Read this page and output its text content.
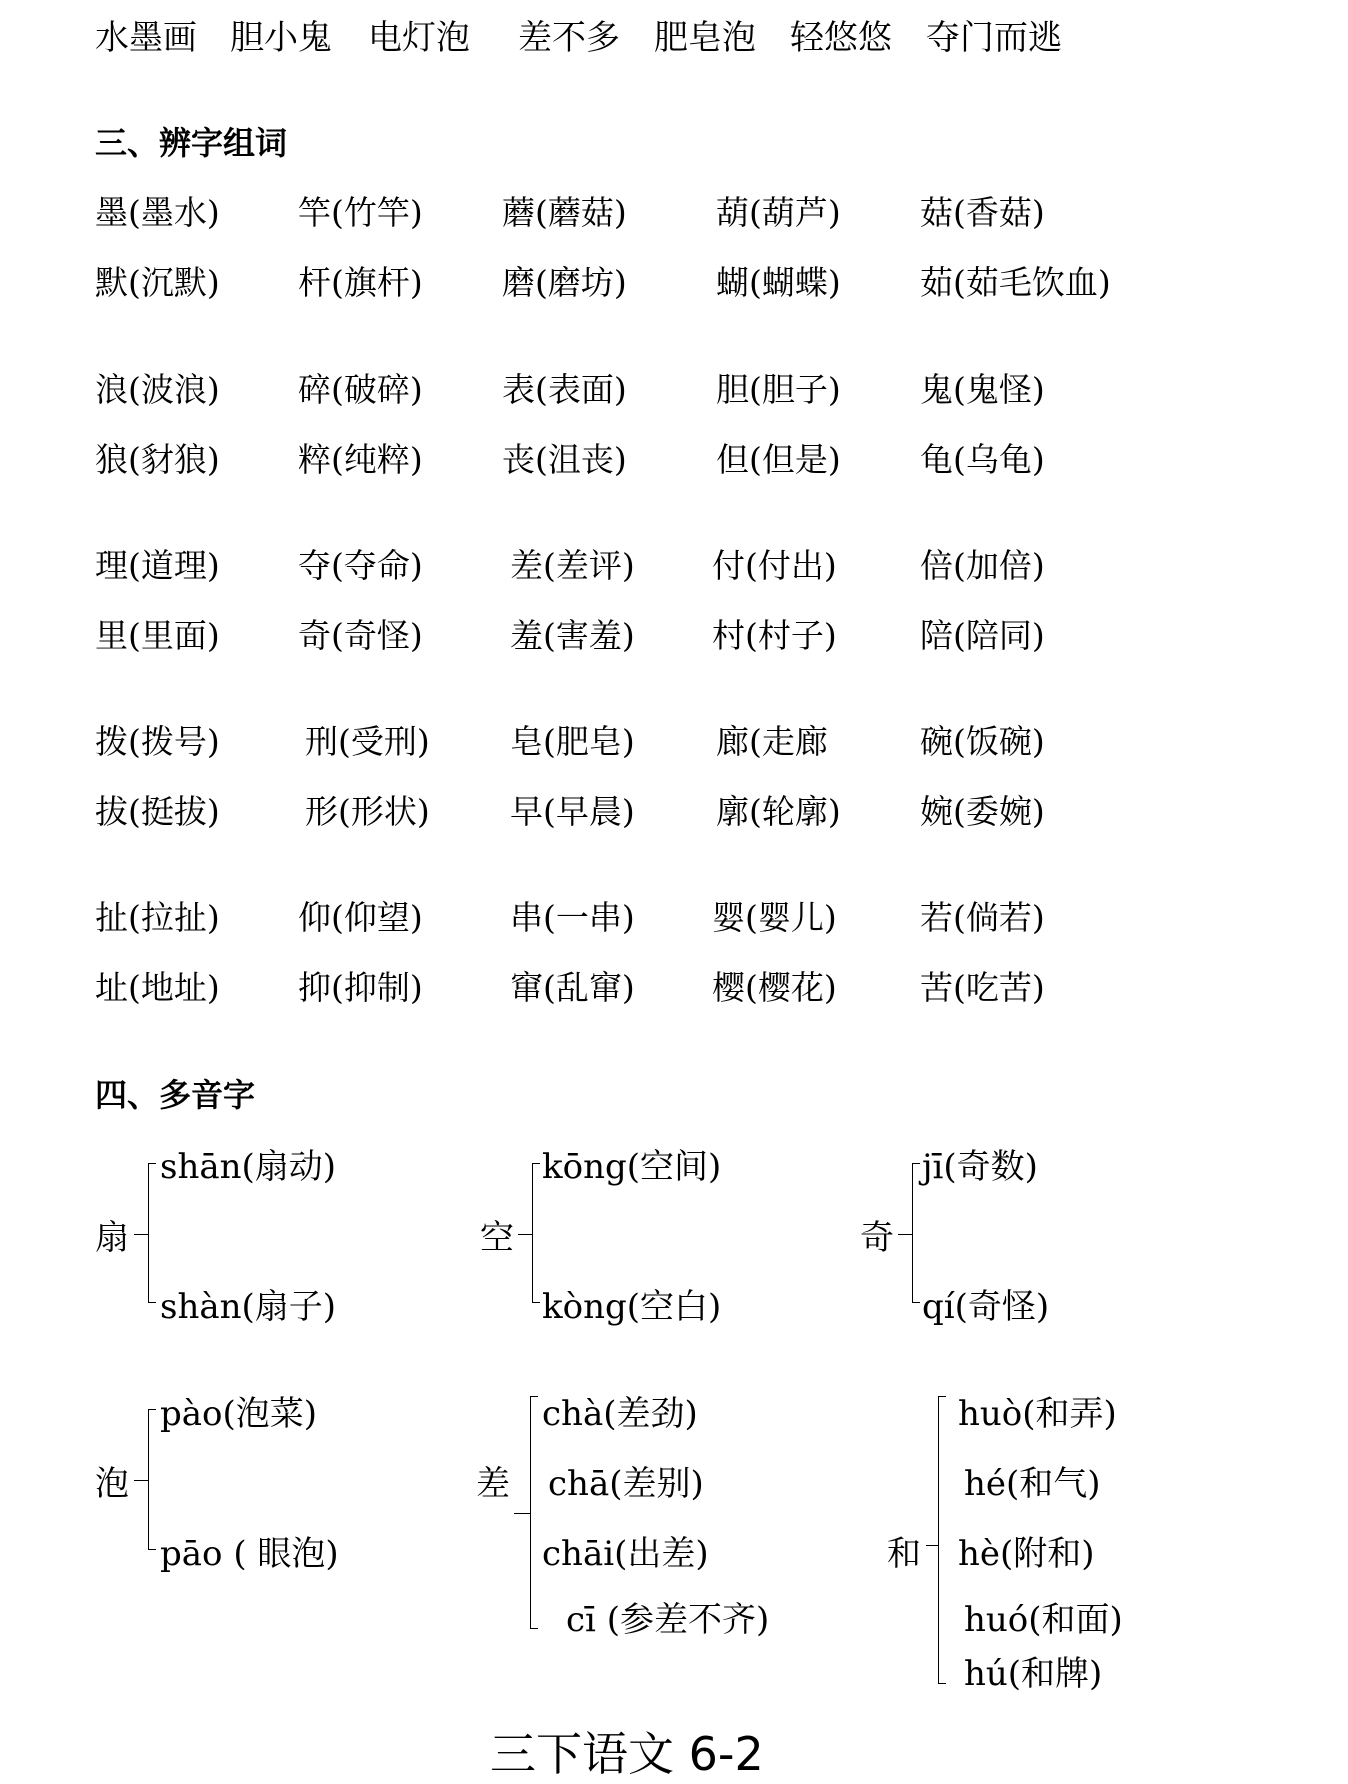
水墨画 胆小鬼 电灯泡 差不多 肥皂泡 轻悠悠 夺门而逃
三、辨字组词
墨(墨水) 竿(竹竿) 蘑(蘑菇)	葫(葫芦) 菇(香菇)
默(沉默) 杆(旗杆) 磨(磨坊)	蝴(蝴蝶) 茹(茹毛饮血)
浪(波浪) 碎(破碎) 表(表面)	胆(胆子) 鬼(鬼怪)
狼(豺狼) 粹(纯粹) 丧(沮丧)	但(但是) 龟(乌龟)
理(道理) 夺(夺命)	差(差评) 付(付出)	倍(加倍)
里(里面) 奇(奇怪)	羞(害羞) 村(村子)	陪(陪同)
拨(拨号)	刑(受刑) 皂(肥皂) 廊(走廊	碗(饭碗)
拔(挺拔)	形(形状) 早(早晨) 廓(轮廓) 婉(委婉)
扯(拉扯) 仰(仰望)	串(一串) 婴(婴儿)	若(倘若)
址(地址) 抑(抑制)	窜(乱窜) 樱(樱花)	苦(吃苦)
四、多音字
扇
shān(扇动)
shàn(扇子)
空
kōng(空间)
kòng(空白)
奇
jī(奇数)
qí(奇怪)
泡
pào(泡菜)
pāo ( 眼泡)
差
chà(差劲)
chā(差别)
chāi(出差)
cī (参差不齐)
和
huò(和弄)
hé(和气)
hè(附和)
huó(和面)
hú(和牌)
三下语文 6-2
